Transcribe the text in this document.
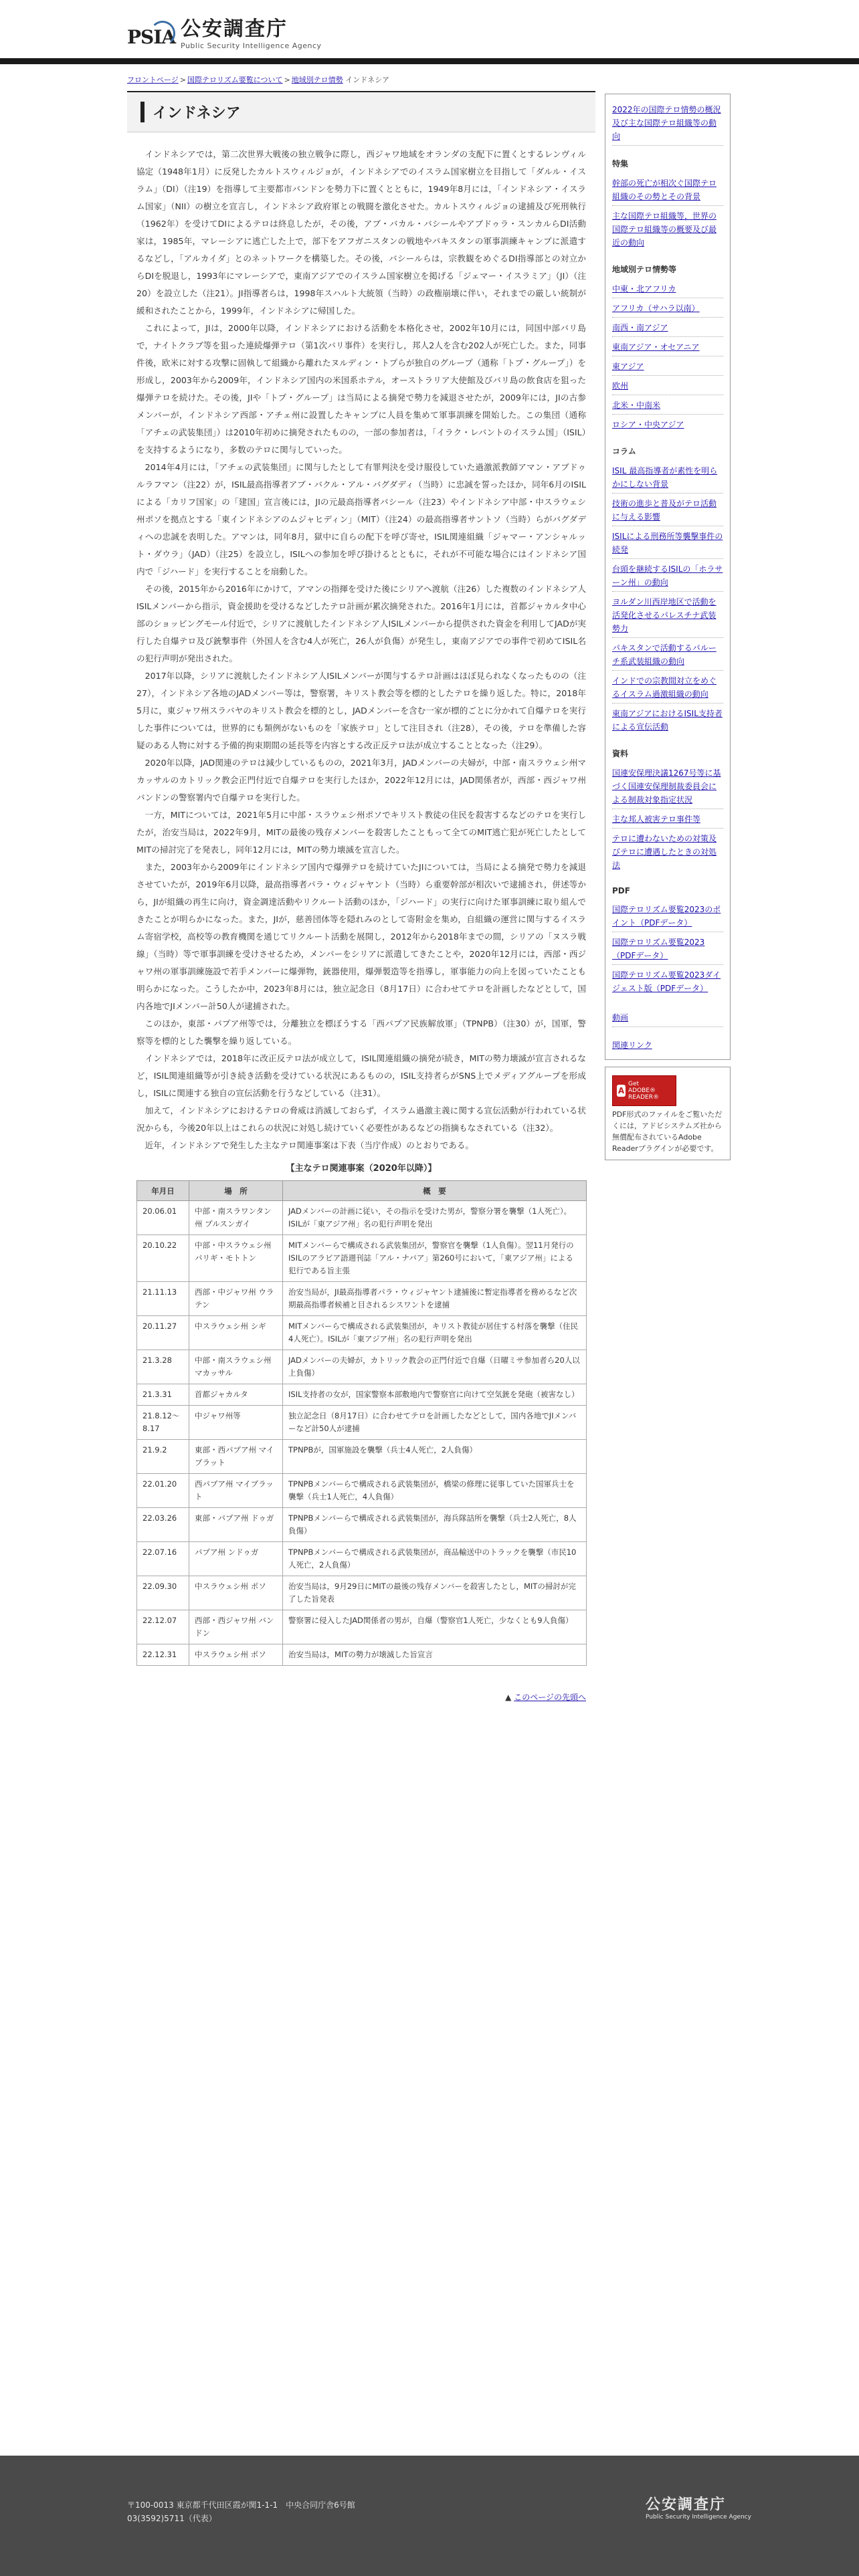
PSIA 公安調査庁
Public Security Intelligence Agency
フロントページ > 国際テロリズム要覧について > 地域別テロ情勢 インドネシア
インドネシア

インドネシアでは，第二次世界大戦後の独立戦争に際し，西ジャワ地域をオランダの支配下に置くとするレンヴィル協定（1948年1月）に反発したカルトスウィルジョが，インドネシアでのイスラム国家樹立を目指して「ダルル・イスラム」（DI）（注19）を指導して主要都市バンドンを勢力下に置くとともに，1949年8月には，「インドネシア・イスラム国家」（NII）の樹立を宣言し，インドネシア政府軍との戦闘を激化させた。カルトスウィルジョの逮捕及び死刑執行（1962年）を受けてDIによるテロは終息したが，その後，アブ・バカル・バシールやアブドゥラ・スンカルらDI活動家は，1985年，マレーシアに逃亡した上で，部下をアフガニスタンの戦地やパキスタンの軍事訓練キャンプに派遣するなどし，「アルカイダ」とのネットワークを構築した。その後，バシールらは，宗教観をめぐるDI指導部との対立からDIを脱退し，1993年にマレーシアで，東南アジアでのイスラム国家樹立を掲げる「ジェマー・イスラミア」（JI）（注20）を設立した（注21）。JI指導者らは，1998年スハルト大統領（当時）の政権崩壊に伴い，それまでの厳しい統制が緩和されたことから，1999年，インドネシアに帰国した。

これによって，JIは，2000年以降，インドネシアにおける活動を本格化させ，2002年10月には，同国中部バリ島で，ナイトクラブ等を狙った連続爆弾テロ（第1次バリ事件）を実行し，邦人2人を含む202人が死亡した。また，同事件後，欧米に対する攻撃に固執して組織から離れたヌルディン・トプらが独自のグループ（通称「トプ・グループ」）を形成し，2003年から2009年，インドネシア国内の米国系ホテル，オーストラリア大使館及びバリ島の飲食店を狙った爆弾テロを続けた。その後，JIや「トプ・グループ」は当局による摘発で勢力を減退させたが，2009年には，JIの古参メンバーが，インドネシア西部・アチェ州に設置したキャンプに人員を集めて軍事訓練を開始した。この集団（通称「アチェの武装集団」）は2010年初めに摘発されたものの，一部の参加者は，「イラク・レバントのイスラム国」（ISIL）を支持するようになり，多数のテロに関与していった。

2014年4月には，「アチェの武装集団」に関与したとして有罪判決を受け服役していた過激派教師アマン・アブドゥルラフマン（注22）が，ISIL最高指導者アブ・バクル・アル・バグダディ（当時）に忠誠を誓ったほか，同年6月のISILによる「カリフ国家」の「建国」宣言後には，JIの元最高指導者バシール（注23）やインドネシア中部・中スラウェシ州ポソを拠点とする「東インドネシアのムジャヒディン」（MIT）（注24）の最高指導者サントソ（当時）らがバグダディへの忠誠を表明した。アマンは，同年8月，獄中に自らの配下を呼び寄せ，ISIL関連組織「ジャマー・アンシャルット・ダウラ」（JAD）（注25）を設立し，ISILへの参加を呼び掛けるとともに，それが不可能な場合にはインドネシア国内で「ジハード」を実行することを扇動した。

その後，2015年から2016年にかけて，アマンの指揮を受けた後にシリアへ渡航（注26）した複数のインドネシア人ISILメンバーから指示，資金援助を受けるなどしたテロ計画が累次摘発された。2016年1月には，首都ジャカルタ中心部のショッピングモール付近で，シリアに渡航したインドネシア人ISILメンバーから提供された資金を利用してJADが実行した自爆テロ及び銃撃事件（外国人を含む4人が死亡，26人が負傷）が発生し，東南アジアでの事件で初めてISIL名の犯行声明が発出された。

2017年以降，シリアに渡航したインドネシア人ISILメンバーが関与するテロ計画はほぼ見られなくなったものの（注27），インドネシア各地のJADメンバー等は，警察署，キリスト教会等を標的としたテロを繰り返した。特に，2018年5月に，東ジャワ州スラバヤのキリスト教会を標的とし，JADメンバーを含む一家が標的ごとに分かれて自爆テロを実行した事件については，世界的にも類例がないものを「家族テロ」として注目され（注28），その後，テロを準備した容疑のある人物に対する予備的拘束期間の延長等を内容とする改正反テロ法が成立することとなった（注29）。

2020年以降，JAD関連のテロは減少しているものの，2021年3月，JADメンバーの夫婦が，中部・南スラウェシ州マカッサルのカトリック教会正門付近で自爆テロを実行したほか，2022年12月には，JAD関係者が，西部・西ジャワ州バンドンの警察署内で自爆テロを実行した。

一方，MITについては，2021年5月に中部・スラウェシ州ポソでキリスト教徒の住民を殺害するなどのテロを実行したが，治安当局は，2022年9月，MITの最後の残存メンバーを殺害したこともって全てのMIT逃亡犯が死亡したとしてMITの掃討完了を発表し，同年12月には，MITの勢力壊滅を宣言した。

また，2003年から2009年にインドネシア国内で爆弾テロを続けていたJIについては，当局による摘発で勢力を減退させていたが，2019年6月以降，最高指導者パラ・ウィジャヤント（当時）ら重要幹部が相次いで逮捕され，併述等から，JIが組織の再生に向け，資金調達活動やリクルート活動のほか，「ジハード」の実行に向けた軍事訓練に取り組んできたことが明らかになった。また，JIが，慈善団体等を隠れみのとして寄附金を集め，自組織の運営に関与するイスラム寄宿学校，高校等の教育機関を通じてリクルート活動を展開し，2012年から2018年までの間，シリアの「ヌスラ戦線」（当時）等で軍事訓練を受けさせるため，メンバーをシリアに派遣してきたことや，2020年12月には，西部・西ジャワ州の軍事訓練施設で若手メンバーに爆弾物，銃器使用，爆弾製造等を指導し，軍事能力の向上を図っていたことも明らかになった。こうしたか中，2023年8月には，独立記念日（8月17日）に合わせてテロを計画したなどとして，国内各地でJIメンバー計50人が逮捕された。

このほか，東部・パプア州等では，分離独立を標ぼうする「西パプア民族解放軍」（TPNPB）（注30）が，国軍，警察等を標的とした襲撃を繰り返している。

インドネシアでは，2018年に改正反テロ法が成立して，ISIL関連組織の摘発が続き，MITの勢力壊滅が宣言されるなど，ISIL関連組織等が引き続き活動を受けている状況にあるものの，ISIL支持者らがSNS上でメディアグループを形成し，ISILに関連する独自の宣伝活動を行うなどしている（注31）。

加えて，インドネシアにおけるテロの脅威は消滅しておらず，イスラム過激主義に関する宣伝活動が行われている状況からも，今後20年以上はこれらの状況に対処し続けていく必要性があるなどの指摘もなされている（注32）。

近年，インドネシアで発生した主なテロ関連事案は下表（当庁作成）のとおりである。

【主なテロ関連事案（2020年以降）】
年月日	場　所	概　要
20.06.01	中部・南スラワンタン州 プルスンガイ	JADメンバーの計画に従い，その指示を受けた男が，警察分署を襲撃（1人死亡）。ISILが「東アジア州」名の犯行声明を発出
20.10.22	中部・中スラウェシ州 パリギ・モトトン	MITメンバーらで構成される武装集団が，警察官を襲撃（1人負傷）。翌11月発行のISILのアラビア語週刊誌「アル・ナバア」第260号において，「東アジア州」による犯行である旨主張
21.11.13	西部・中ジャワ州 ウラテン	治安当局が，JI最高指導者パラ・ウィジャヤント逮捕後に暫定指導者を務めるなど次期最高指導者候補と目されるシスワントを逮捕
20.11.27	中スラウェシ州 シギ	MITメンバーらで構成される武装集団が，キリスト教徒が居住する村落を襲撃（住民4人死亡）。ISILが「東アジア州」名の犯行声明を発出
21.3.28	中部・南スラウェシ州 マカッサル	JADメンバーの夫婦が，カトリック教会の正門付近で自爆（日曜ミサ参加者ら20人以上負傷）
21.3.31	首都ジャカルタ	ISIL支持者の女が，国家警察本部敷地内で警察官に向けて空気銃を発砲（被害なし）
21.8.12～8.17	中ジャワ州等	独立記念日（8月17日）に合わせてテロを計画したなどとして，国内各地でJIメンバーなど計50人が逮捕
21.9.2	東部・西パプア州 マイブラット	TPNPBが，国軍施設を襲撃（兵士4人死亡，2人負傷）
22.01.20	西パプア州 マイブラット	TPNPBメンバーらで構成される武装集団が，橋梁の修理に従事していた国軍兵士を襲撃（兵士1人死亡，4人負傷）
22.03.26	東部・パプア州 ドゥガ	TPNPBメンバーらで構成される武装集団が，海兵隊詰所を襲撃（兵士2人死亡，8人負傷）
22.07.16	パプア州 ンドゥガ	TPNPBメンバーらで構成される武装集団が，商品輸送中のトラックを襲撃（市民10人死亡，2人負傷）
22.09.30	中スラウェシ州 ポソ	治安当局は，9月29日にMITの最後の残存メンバーを殺害したとし，MITの掃討が完了した旨発表
22.12.07	西部・西ジャワ州 バンドン	警察署に侵入したJAD関係者の男が，自爆（警察官1人死亡，少なくとも9人負傷）
22.12.31	中スラウェシ州 ポソ	治安当局は，MITの勢力が壊滅した旨宣言
▲ このページの先頭へ
2022年の国際テロ情勢の概況及び主な国際テロ組織等の動向
特集
幹部の死亡が相次ぐ国際テロ組織のその勢とその背景
主な国際テロ組織等，世界の国際テロ組織等の概要及び最近の動向
地域別テロ情勢等
中東・北アフリカ
アフリカ（サハラ以南）
南西・南アジア
東南アジア・オセアニア
東アジア
欧州
北米・中南米
ロシア・中央アジア
コラム
ISIL 最高指導者が素性を明らかにしない背景
技術の進歩と普及がテロ活動に与える影響
ISILによる刑務所等襲撃事件の続発
台頭を継続するISILの「ホラサーン州」の動向
ヨルダン川西岸地区で活動を活発化させるパレスチナ武装勢力
パキスタンで活動するパルーチ系武装組織の動向
インドでの宗教間対立をめぐるイスラム過激組織の動向
東南アジアにおけるISIL支持者による宣伝活動
資料
国連安保理決議1267号等に基づく国連安保理制裁委員会による制裁対象指定状況
主な邦人被害テロ事件等
テロに遭わないための対策及びテロに遭遇したときの対処法
PDF
国際テロリズム要覧2023のポイント（PDFデータ）
国際テロリズム要覧2023（PDFデータ）
国際テロリズム要覧2023ダイジェスト版（PDFデータ）
動画
関連リンク
A
Get
ADOBE® READER®
PDF形式のファイルをご覧いただくには，アドビシステムズ社から無償配布されているAdobe Readerプラグインが必要です。
〒100-0013 東京都千代田区霞が関1-1-1　中央合同庁舎6号館
03(3592)5711（代表）
公安調査庁
Public Security Intelligence Agency
